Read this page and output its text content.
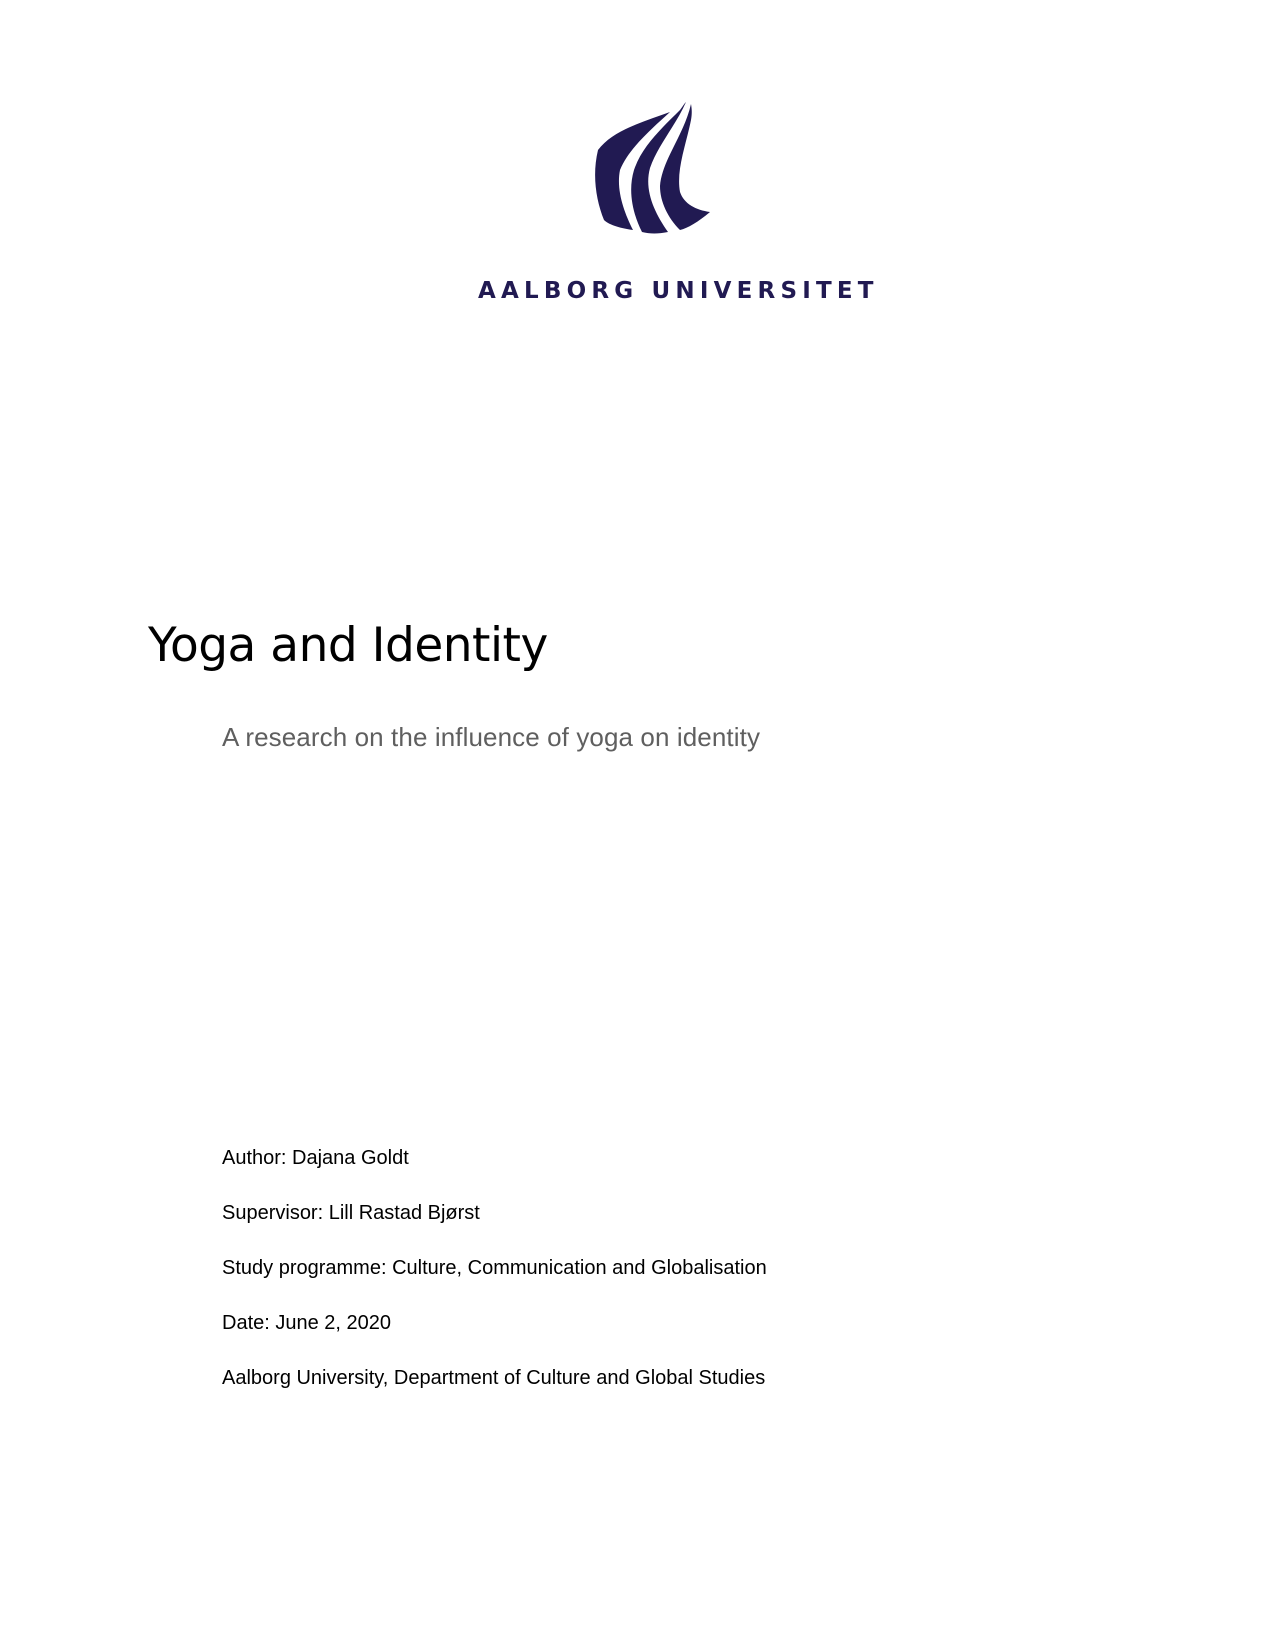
AALBORG UNIVERSITET
Yoga and Identity
A research on the influence of yoga on identity
Author: Dajana Goldt
Supervisor: Lill Rastad Bjørst
Study programme: Culture, Communication and Globalisation
Date: June 2, 2020
Aalborg University, Department of Culture and Global Studies
